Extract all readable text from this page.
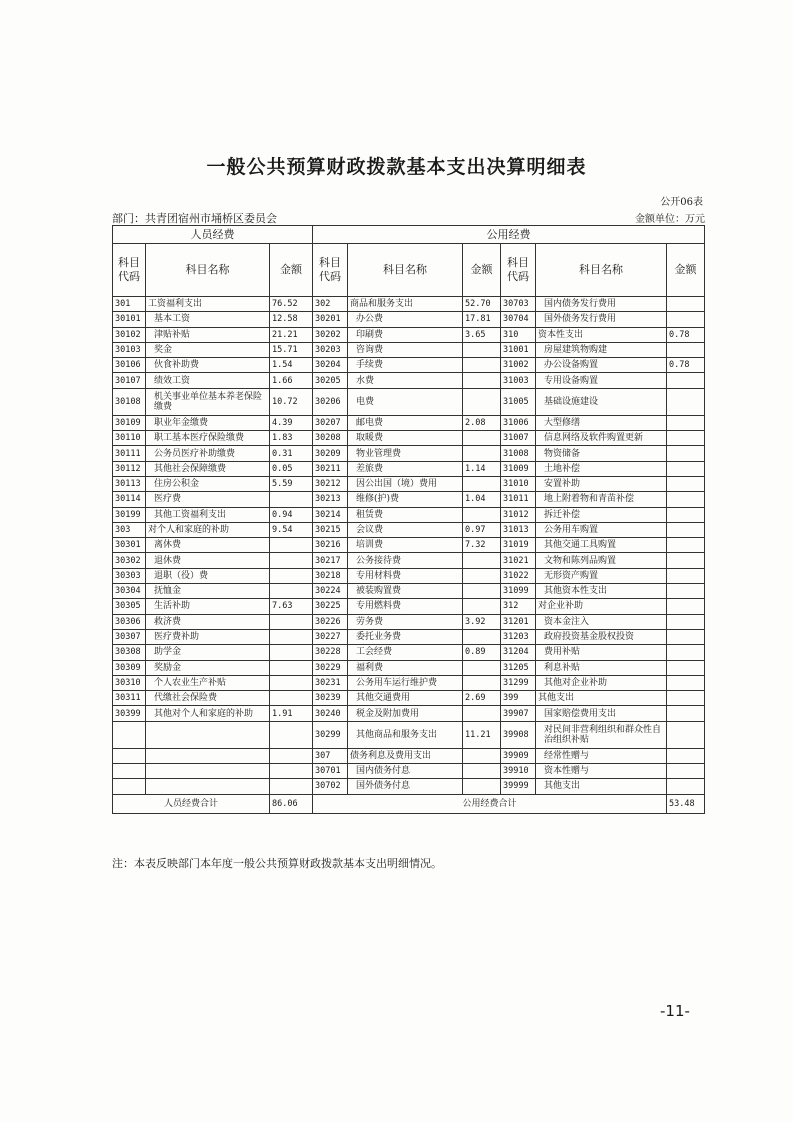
一般公共预算财政拨款基本支出决算明细表
公开06表
部门：共青团宿州市埇桥区委员会	金额单位：万元
人员经费			公用经费					
科目代码	科目名称	金额	科目代码	科目名称	金额	科目代码	科目名称	金额
301	工资福利支出	76.52	302	商品和服务支出	52.70	30703	国内债务发行费用	
30101	基本工资	12.58	30201	办公费	17.81	30704	国外债务发行费用	
30102	津贴补贴	21.21	30202	印刷费	3.65	310	资本性支出	0.78
30103	奖金	15.71	30203	咨询费		31001	房屋建筑物购建	
30106	伙食补助费	1.54	30204	手续费		31002	办公设备购置	0.78
30107	绩效工资	1.66	30205	水费		31003	专用设备购置	
30108	机关事业单位基本养老保险缴费	10.72	30206	电费		31005	基础设施建设	
30109	职业年金缴费	4.39	30207	邮电费	2.08	31006	大型修缮	
30110	职工基本医疗保险缴费	1.83	30208	取暖费		31007	信息网络及软件购置更新	
30111	公务员医疗补助缴费	0.31	30209	物业管理费		31008	物资储备	
30112	其他社会保障缴费	0.05	30211	差旅费	1.14	31009	土地补偿	
30113	住房公积金	5.59	30212	因公出国（境）费用		31010	安置补助	
30114	医疗费		30213	维修(护)费	1.04	31011	地上附着物和青苗补偿	
30199	其他工资福利支出	0.94	30214	租赁费		31012	拆迁补偿	
303	对个人和家庭的补助	9.54	30215	会议费	0.97	31013	公务用车购置	
30301	离休费		30216	培训费	7.32	31019	其他交通工具购置	
30302	退休费		30217	公务接待费		31021	文物和陈列品购置	
30303	退职（役）费		30218	专用材料费		31022	无形资产购置	
30304	抚恤金		30224	被装购置费		31099	其他资本性支出	
30305	生活补助	7.63	30225	专用燃料费		312	对企业补助	
30306	救济费		30226	劳务费	3.92	31201	资本金注入	
30307	医疗费补助		30227	委托业务费		31203	政府投资基金股权投资	
30308	助学金		30228	工会经费	0.89	31204	费用补贴	
30309	奖励金		30229	福利费		31205	利息补贴	
30310	个人农业生产补贴		30231	公务用车运行维护费		31299	其他对企业补助	
30311	代缴社会保险费		30239	其他交通费用	2.69	399	其他支出	
30399	其他对个人和家庭的补助	1.91	30240	税金及附加费用		39907	国家赔偿费用支出	
			30299	其他商品和服务支出	11.21	39908	对民间非营利组织和群众性自治组织补贴	
			307	债务利息及费用支出		39909	经常性赠与	
			30701	国内债务付息		39910	资本性赠与	
			30702	国外债务付息		39999	其他支出	
人员经费合计		86.06	公用经费合计					53.48
注：本表反映部门本年度一般公共预算财政拨款基本支出明细情况。
-11-
